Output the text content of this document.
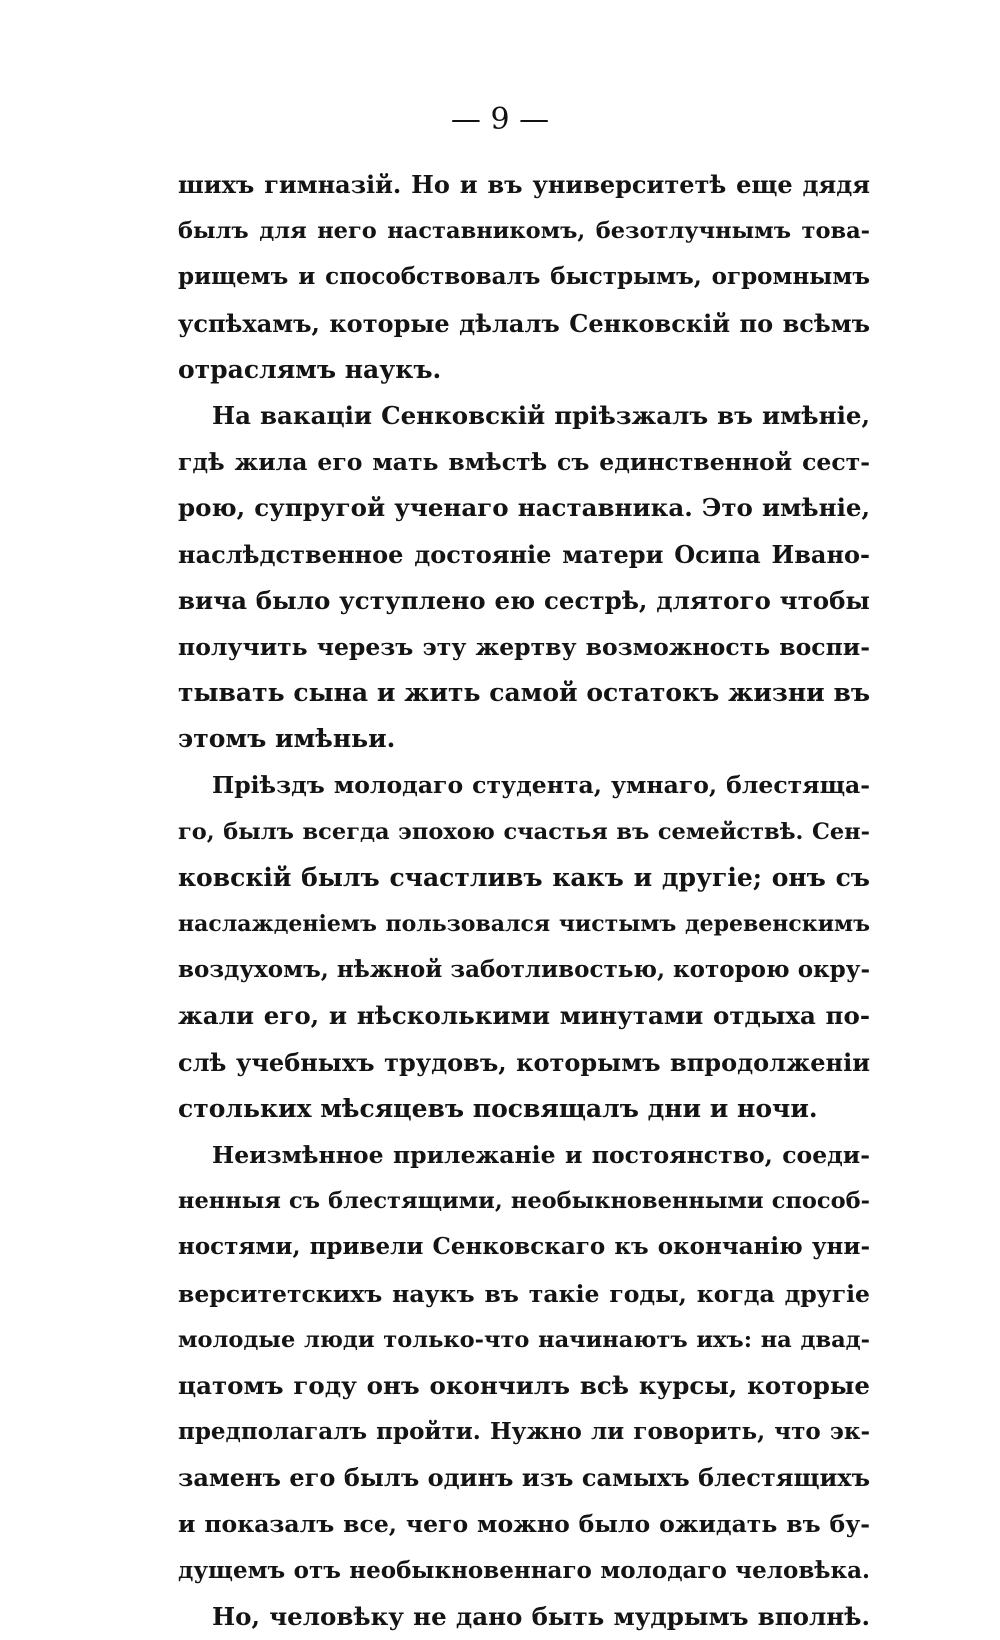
— 9 —
шихъ гимназій. Но и въ университетѣ еще дядя
былъ для него наставникомъ, безотлучнымъ това-
рищемъ и способствовалъ быстрымъ, огромнымъ
успѣхамъ, которые дѣлалъ Сенковскій по всѣмъ
отраслямъ наукъ.
На вакаціи Сенковскій пріѣзжалъ въ имѣніе,
гдѣ жила его мать вмѣстѣ съ единственной сест-
рою, супругой ученаго наставника. Это имѣніе,
наслѣдственное достояніе матери Осипа Ивано-
вича было уступлено ею сестрѣ, длятого чтобы
получить черезъ эту жертву возможность воспи-
тывать сына и жить самой остатокъ жизни въ
этомъ имѣньи.
Пріѣздъ молодаго студента, умнаго, блестяща-
го, былъ всегда эпохою счастья въ семействѣ. Сен-
ковскій былъ счастливъ какъ и другіе; онъ съ
наслажденіемъ пользовался чистымъ деревенскимъ
воздухомъ, нѣжной заботливостью, которою окру-
жали его, и нѣсколькими минутами отдыха по-
слѣ учебныхъ трудовъ, которымъ впродолженіи
стольких мѣсяцевъ посвящалъ дни и ночи.
Неизмѣнное прилежаніе и постоянство, соеди-
ненныя съ блестящими, необыкновенными способ-
ностями, привели Сенковскаго къ окончанію уни-
верситетскихъ наукъ въ такіе годы, когда другіе
молодые люди только-что начинаютъ ихъ: на двад-
цатомъ году онъ окончилъ всѣ курсы, которые
предполагалъ пройти. Нужно ли говорить, что эк-
заменъ его былъ одинъ изъ самыхъ блестящихъ
и показалъ все, чего можно было ожидать въ бу-
дущемъ отъ необыкновеннаго молодаго человѣка.
Но, человѣку не дано быть мудрымъ вполнѣ.
